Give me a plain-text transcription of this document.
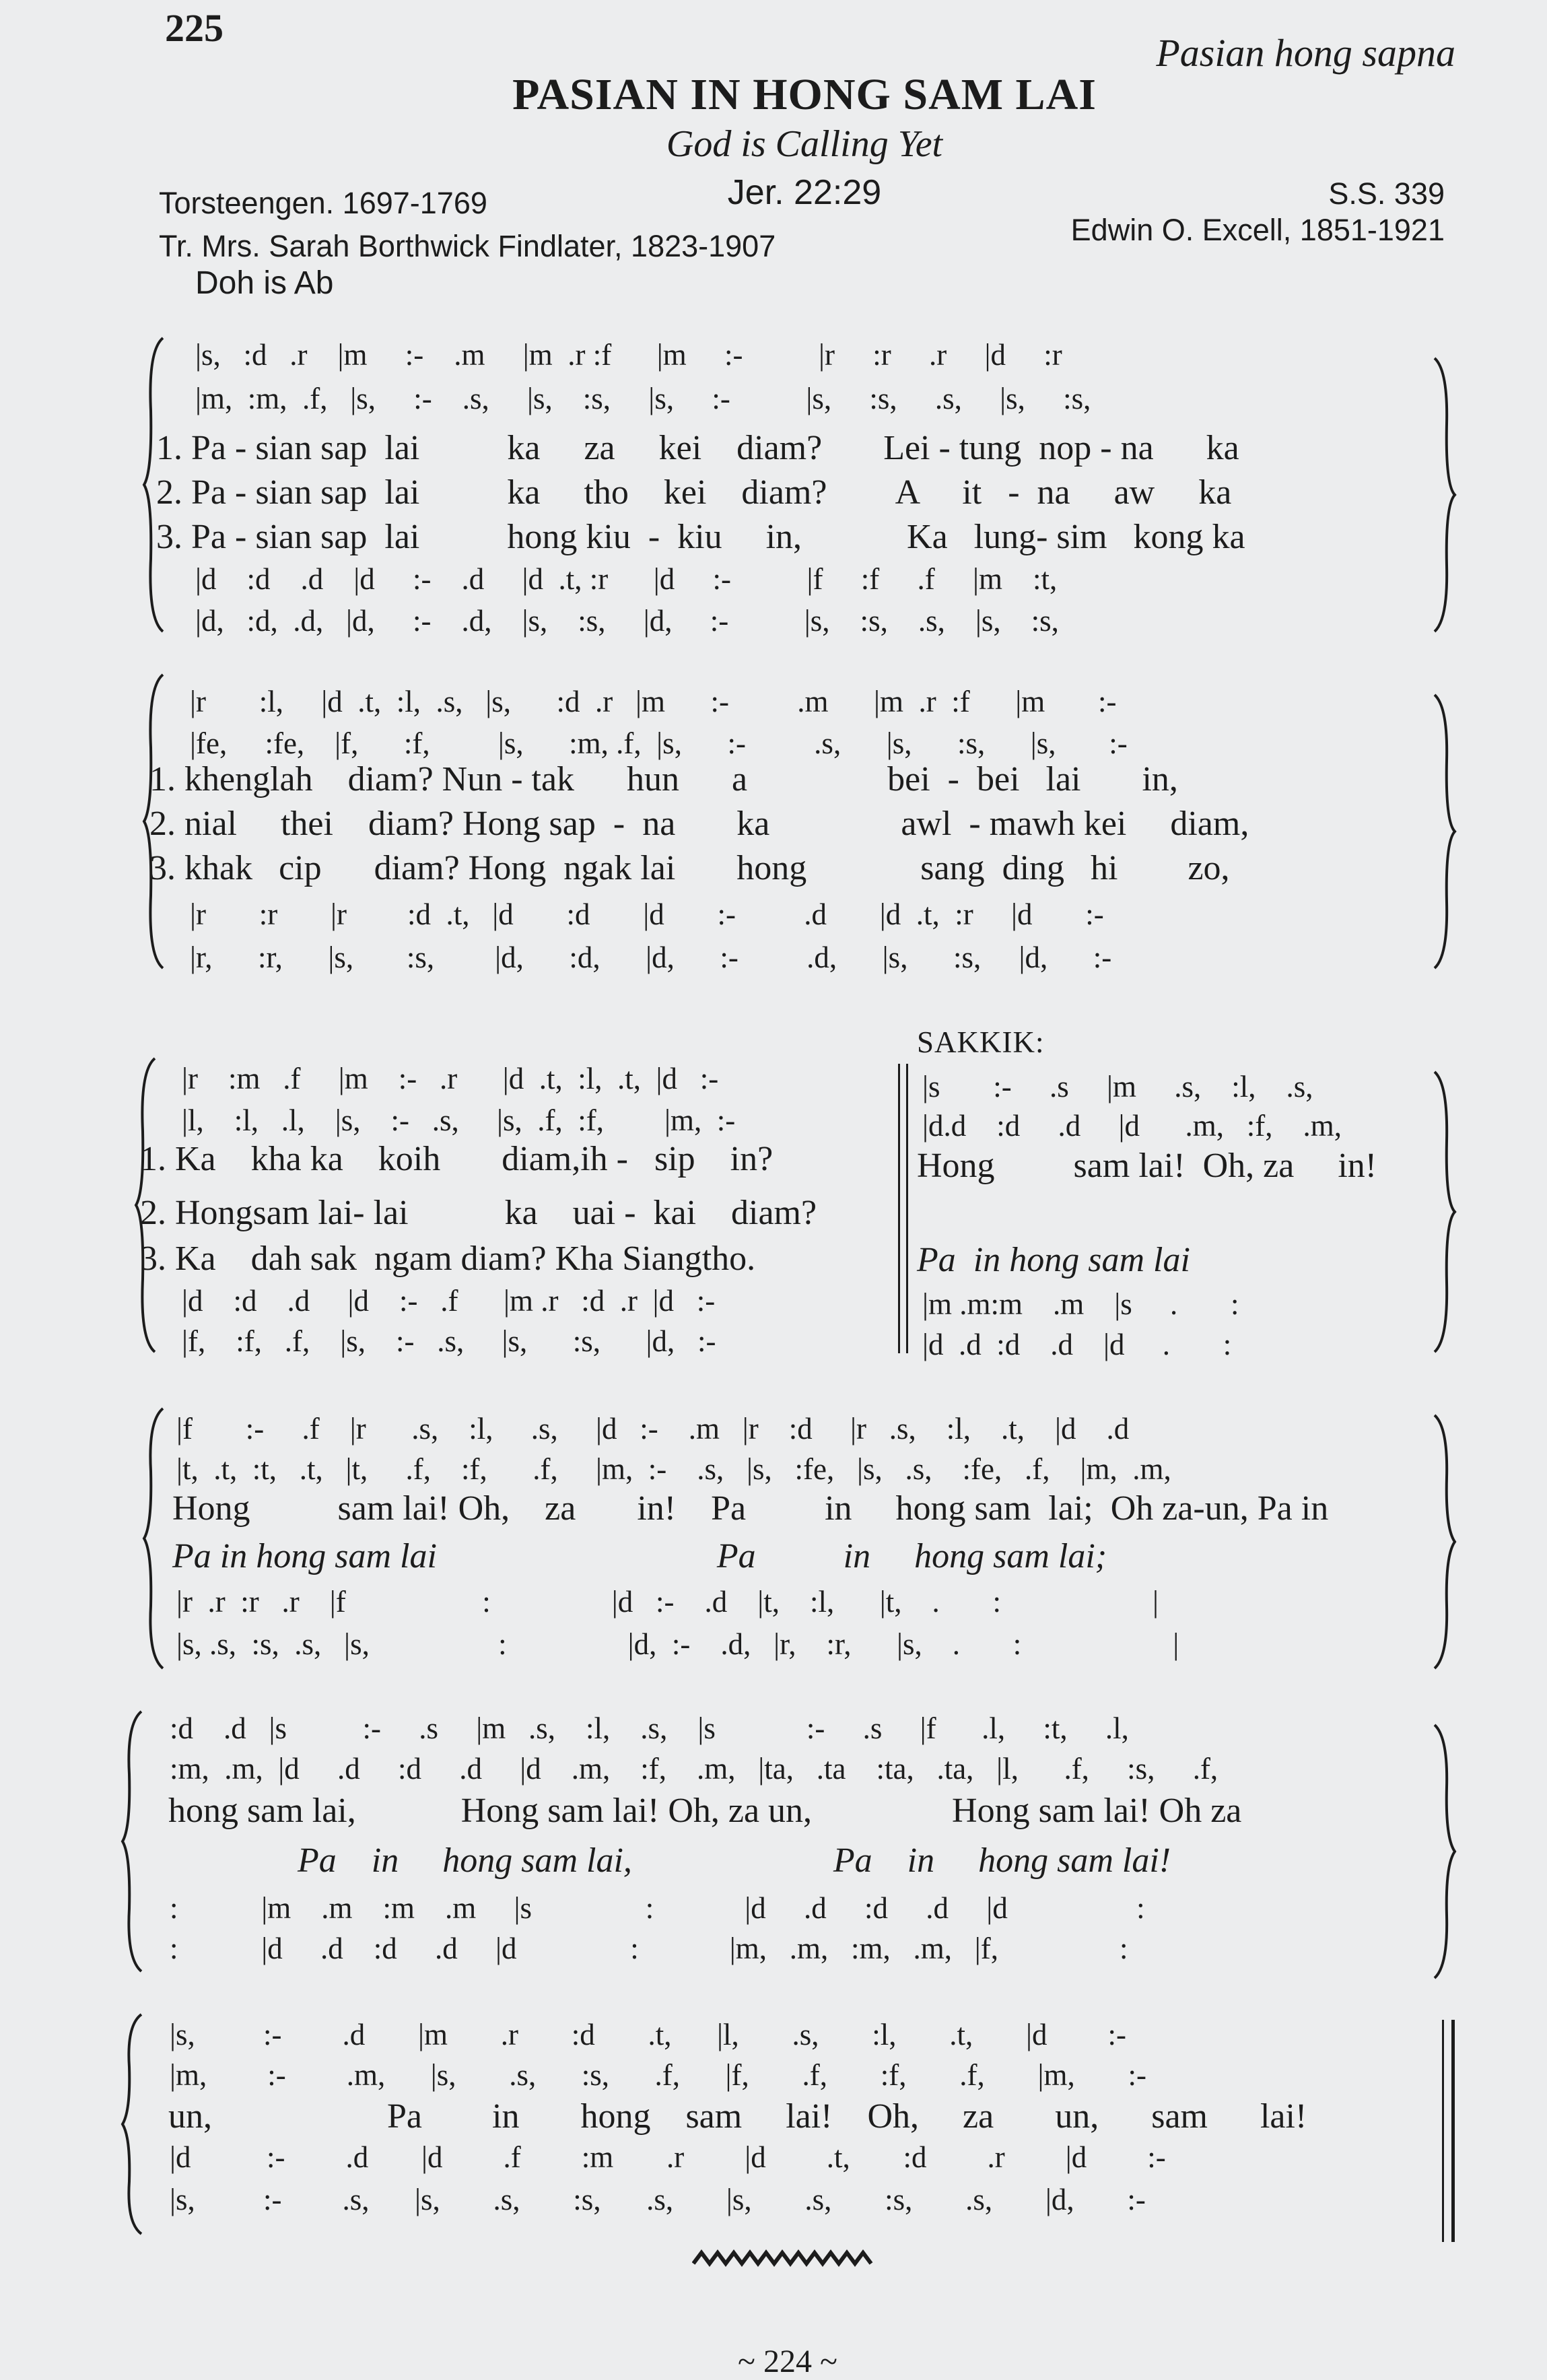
225
Pasian hong sapna
PASIAN IN HONG SAM LAI
God is Calling Yet
Jer. 22:29
Torsteengen. 1697-1769
Tr. Mrs. Sarah Borthwick Findlater, 1823-1907
Doh is Ab
S.S. 339
Edwin O. Excell, 1851-1921
|s,   :d   .r    |m     :-    .m     |m  .r :f      |m     :-          |r     :r     .r     |d     :r
|m,  :m,  .f,   |s,     :-    .s,     |s,    :s,     |s,     :-          |s,     :s,     .s,     |s,     :s,
1. Pa - sian sap  lai          ka     za     kei    diam?       Lei - tung  nop - na      ka
2. Pa - sian sap  lai          ka     tho    kei    diam?        A     it   -  na     aw     ka
3. Pa - sian sap  lai          hong kiu  -  kiu     in,            Ka   lung- sim   kong ka
|d    :d    .d    |d     :-    .d     |d  .t, :r      |d     :-          |f     :f     .f     |m    :t,
|d,   :d,  .d,   |d,     :-    .d,    |s,    :s,     |d,     :-          |s,    :s,    .s,    |s,    :s,
|r       :l,     |d  .t,  :l,  .s,   |s,      :d  .r   |m      :-         .m      |m  .r  :f      |m       :-
|fe,     :fe,    |f,      :f,         |s,      :m, .f,  |s,      :-         .s,      |s,      :s,      |s,       :-
1. khenglah    diam? Nun - tak      hun      a                bei  -  bei   lai       in,
2. nial     thei    diam? Hong sap  -  na       ka               awl  - mawh kei     diam,
3. khak   cip      diam? Hong  ngak lai       hong             sang  ding   hi        zo,
|r       :r       |r        :d  .t,   |d       :d       |d       :-         .d       |d  .t,  :r     |d       :-
|r,      :r,      |s,       :s,        |d,      :d,      |d,      :-         .d,      |s,      :s,     |d,      :-
|r    :m   .f     |m    :-   .r      |d  .t,  :l,  .t,  |d   :-
|l,    :l,   .l,    |s,    :-   .s,     |s,  .f,  :f,        |m,  :-
1. Ka    kha ka    koih       diam,ih -   sip    in?
2. Hongsam lai- lai           ka    uai -  kai    diam?
3. Ka    dah sak  ngam diam? Kha Siangtho.
|d    :d    .d     |d    :-   .f      |m .r   :d  .r  |d   :-
|f,    :f,   .f,    |s,    :-   .s,     |s,      :s,      |d,   :-
SAKKIK:
|s       :-     .s     |m     .s,    :l,    .s,
|d.d    :d     .d     |d      .m,   :f,    .m,
Hong         sam lai!  Oh, za     in!
Pa  in hong sam lai
|m .m:m    .m    |s     .       :
|d  .d  :d    .d    |d     .       :
|f       :-     .f    |r      .s,    :l,     .s,     |d   :-    .m   |r    :d     |r   .s,    :l,    .t,    |d    .d
|t,  .t,  :t,   .t,   |t,     .f,    :f,      .f,     |m,  :-    .s,   |s,   :fe,   |s,   .s,    :fe,   .f,    |m,  .m,
Hong          sam lai! Oh,    za       in!    Pa         in     hong sam  lai;  Oh za-un, Pa in
Pa in hong sam lai                                Pa          in     hong sam lai;
|r  .r  :r   .r    |f                  :                |d   :-    .d    |t,    :l,      |t,    .       :                    |
|s, .s,  :s,  .s,   |s,                 :                |d,  :-    .d,   |r,    :r,      |s,    .       :                    |
:d    .d   |s          :-     .s     |m   .s,    :l,    .s,    |s            :-     .s     |f      .l,     :t,     .l,
:m,  .m,  |d     .d     :d     .d     |d    .m,    :f,    .m,   |ta,   .ta    :ta,   .ta,   |l,      .f,     :s,     .f,
hong sam lai,            Hong sam lai! Oh, za un,                Hong sam lai! Oh za
Pa    in     hong sam lai,                       Pa    in     hong sam lai!
:           |m    .m    :m    .m     |s               :            |d     .d     :d     .d     |d                 :
:           |d     .d    :d     .d     |d               :            |m,   .m,   :m,   .m,   |f,                :
|s,         :-        .d       |m       .r       :d       .t,      |l,       .s,       :l,       .t,       |d        :-
|m,        :-        .m,      |s,       .s,      :s,      .f,      |f,       .f,       :f,       .f,       |m,       :-
un,                    Pa        in       hong    sam     lai!    Oh,     za       un,      sam      lai!
|d          :-        .d       |d        .f        :m       .r        |d        .t,       :d        .r        |d        :-
|s,         :-        .s,      |s,       .s,       :s,      .s,       |s,       .s,       :s,       .s,       |d,       :-
~ 224 ~
